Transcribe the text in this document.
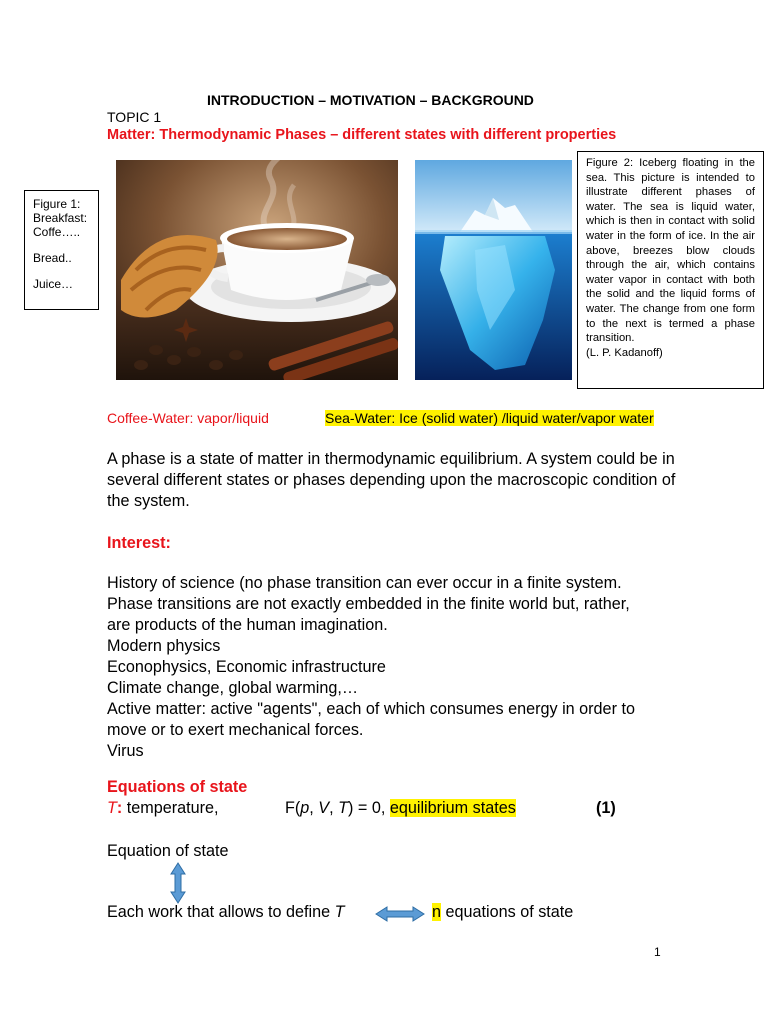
INTRODUCTION – MOTIVATION – BACKGROUND
TOPIC 1
Matter: Thermodynamic Phases – different states with different properties
Figure 1:
Breakfast:
Coffe…..
Bread..
Juice…
Figure 2: Iceberg floating in the sea. This picture is intended to illustrate different phases of water. The sea is liquid water, which is then in contact with solid water in the form of ice. In the air above, breezes blow clouds through the air, which contains water vapor in contact with both the solid and the liquid forms of water. The change from one form to the next is termed a phase transition.
(L. P. Kadanoff)
Coffee-Water: vapor/liquid	Sea-Water: Ice (solid water) /liquid water/vapor water
A phase is a state of matter in thermodynamic equilibrium. A system could be in several different states or phases depending upon the macroscopic condition of the system.
Interest:
History of science (no phase transition can ever occur in a finite system.
Phase transitions are not exactly embedded in the finite world but, rather,
are products of the human imagination.
Modern physics
Econophysics, Economic infrastructure
Climate change, global warming,…
Active matter: active "agents", each of which consumes energy in order to
move or to exert mechanical forces.
Virus
Equations of state
T: temperature,	F(p, V, T) = 0, equilibrium states	(1)
Equation of state
Each work that allows to define T	n equations of state
1
